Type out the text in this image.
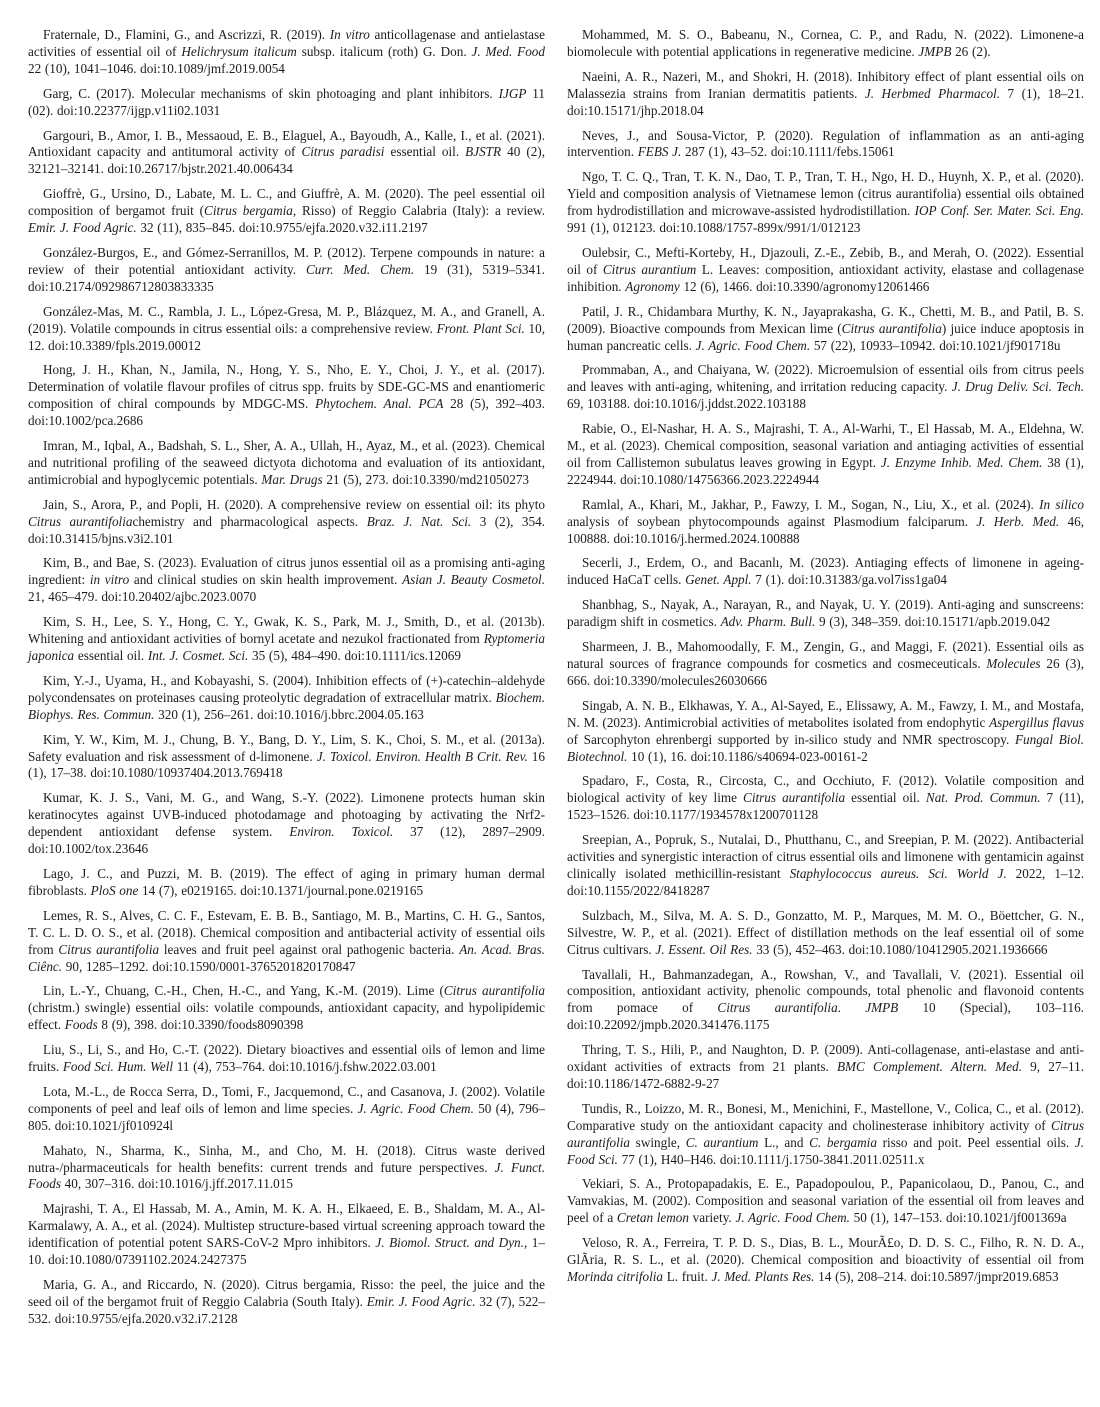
Fraternale, D., Flamini, G., and Ascrizzi, R. (2019). In vitro anticollagenase and antielastase activities of essential oil of Helichrysum italicum subsp. italicum (roth) G. Don. J. Med. Food 22 (10), 1041–1046. doi:10.1089/jmf.2019.0054

Garg, C. (2017). Molecular mechanisms of skin photoaging and plant inhibitors. IJGP 11 (02). doi:10.22377/ijgp.v11i02.1031

Gargouri, B., Amor, I. B., Messaoud, E. B., Elaguel, A., Bayoudh, A., Kalle, I., et al. (2021). Antioxidant capacity and antitumoral activity of Citrus paradisi essential oil. BJSTR 40 (2), 32121–32141. doi:10.26717/bjstr.2021.40.006434

Gioffrè, G., Ursino, D., Labate, M. L. C., and Giuffrè, A. M. (2020). The peel essential oil composition of bergamot fruit (Citrus bergamia, Risso) of Reggio Calabria (Italy): a review. Emir. J. Food Agric. 32 (11), 835–845. doi:10.9755/ejfa.2020.v32.i11.2197

González-Burgos, E., and Gómez-Serranillos, M. P. (2012). Terpene compounds in nature: a review of their potential antioxidant activity. Curr. Med. Chem. 19 (31), 5319–5341. doi:10.2174/092986712803833335

González-Mas, M. C., Rambla, J. L., López-Gresa, M. P., Blázquez, M. A., and Granell, A. (2019). Volatile compounds in citrus essential oils: a comprehensive review. Front. Plant Sci. 10, 12. doi:10.3389/fpls.2019.00012

Hong, J. H., Khan, N., Jamila, N., Hong, Y. S., Nho, E. Y., Choi, J. Y., et al. (2017). Determination of volatile flavour profiles of citrus spp. fruits by SDE-GC-MS and enantiomeric composition of chiral compounds by MDGC-MS. Phytochem. Anal. PCA 28 (5), 392–403. doi:10.1002/pca.2686

Imran, M., Iqbal, A., Badshah, S. L., Sher, A. A., Ullah, H., Ayaz, M., et al. (2023). Chemical and nutritional profiling of the seaweed dictyota dichotoma and evaluation of its antioxidant, antimicrobial and hypoglycemic potentials. Mar. Drugs 21 (5), 273. doi:10.3390/md21050273

Jain, S., Arora, P., and Popli, H. (2020). A comprehensive review on essential oil: its phyto Citrus aurantifoliachemistry and pharmacological aspects. Braz. J. Nat. Sci. 3 (2), 354. doi:10.31415/bjns.v3i2.101

Kim, B., and Bae, S. (2023). Evaluation of citrus junos essential oil as a promising anti-aging ingredient: in vitro and clinical studies on skin health improvement. Asian J. Beauty Cosmetol. 21, 465–479. doi:10.20402/ajbc.2023.0070

Kim, S. H., Lee, S. Y., Hong, C. Y., Gwak, K. S., Park, M. J., Smith, D., et al. (2013b). Whitening and antioxidant activities of bornyl acetate and nezukol fractionated from Ryptomeria japonica essential oil. Int. J. Cosmet. Sci. 35 (5), 484–490. doi:10.1111/ics.12069

Kim, Y.-J., Uyama, H., and Kobayashi, S. (2004). Inhibition effects of (+)-catechin–aldehyde polycondensates on proteinases causing proteolytic degradation of extracellular matrix. Biochem. Biophys. Res. Commun. 320 (1), 256–261. doi:10.1016/j.bbrc.2004.05.163

Kim, Y. W., Kim, M. J., Chung, B. Y., Bang, D. Y., Lim, S. K., Choi, S. M., et al. (2013a). Safety evaluation and risk assessment of d-limonene. J. Toxicol. Environ. Health B Crit. Rev. 16 (1), 17–38. doi:10.1080/10937404.2013.769418

Kumar, K. J. S., Vani, M. G., and Wang, S.-Y. (2022). Limonene protects human skin keratinocytes against UVB-induced photodamage and photoaging by activating the Nrf2-dependent antioxidant defense system. Environ. Toxicol. 37 (12), 2897–2909. doi:10.1002/tox.23646

Lago, J. C., and Puzzi, M. B. (2019). The effect of aging in primary human dermal fibroblasts. PloS one 14 (7), e0219165. doi:10.1371/journal.pone.0219165

Lemes, R. S., Alves, C. C. F., Estevam, E. B. B., Santiago, M. B., Martins, C. H. G., Santos, T. C. L. D. O. S., et al. (2018). Chemical composition and antibacterial activity of essential oils from Citrus aurantifolia leaves and fruit peel against oral pathogenic bacteria. An. Acad. Bras. Ciênc. 90, 1285–1292. doi:10.1590/0001-3765201820170847

Lin, L.-Y., Chuang, C.-H., Chen, H.-C., and Yang, K.-M. (2019). Lime (Citrus aurantifolia (christm.) swingle) essential oils: volatile compounds, antioxidant capacity, and hypolipidemic effect. Foods 8 (9), 398. doi:10.3390/foods8090398

Liu, S., Li, S., and Ho, C.-T. (2022). Dietary bioactives and essential oils of lemon and lime fruits. Food Sci. Hum. Well 11 (4), 753–764. doi:10.1016/j.fshw.2022.03.001

Lota, M.-L., de Rocca Serra, D., Tomi, F., Jacquemond, C., and Casanova, J. (2002). Volatile components of peel and leaf oils of lemon and lime species. J. Agric. Food Chem. 50 (4), 796–805. doi:10.1021/jf010924l

Mahato, N., Sharma, K., Sinha, M., and Cho, M. H. (2018). Citrus waste derived nutra-/pharmaceuticals for health benefits: current trends and future perspectives. J. Funct. Foods 40, 307–316. doi:10.1016/j.jff.2017.11.015

Majrashi, T. A., El Hassab, M. A., Amin, M. K. A. H., Elkaeed, E. B., Shaldam, M. A., Al-Karmalawy, A. A., et al. (2024). Multistep structure-based virtual screening approach toward the identification of potential potent SARS-CoV-2 Mpro inhibitors. J. Biomol. Struct. and Dyn., 1–10. doi:10.1080/07391102.2024.2427375

Maria, G. A., and Riccardo, N. (2020). Citrus bergamia, Risso: the peel, the juice and the seed oil of the bergamot fruit of Reggio Calabria (South Italy). Emir. J. Food Agric. 32 (7), 522–532. doi:10.9755/ejfa.2020.v32.i7.2128

Mohammed, M. S. O., Babeanu, N., Cornea, C. P., and Radu, N. (2022). Limonene-a biomolecule with potential applications in regenerative medicine. JMPB 26 (2).

Naeini, A. R., Nazeri, M., and Shokri, H. (2018). Inhibitory effect of plant essential oils on Malassezia strains from Iranian dermatitis patients. J. Herbmed Pharmacol. 7 (1), 18–21. doi:10.15171/jhp.2018.04

Neves, J., and Sousa-Victor, P. (2020). Regulation of inflammation as an anti-aging intervention. FEBS J. 287 (1), 43–52. doi:10.1111/febs.15061

Ngo, T. C. Q., Tran, T. K. N., Dao, T. P., Tran, T. H., Ngo, H. D., Huynh, X. P., et al. (2020). Yield and composition analysis of Vietnamese lemon (citrus aurantifolia) essential oils obtained from hydrodistillation and microwave-assisted hydrodistillation. IOP Conf. Ser. Mater. Sci. Eng. 991 (1), 012123. doi:10.1088/1757-899x/991/1/012123

Oulebsir, C., Mefti-Korteby, H., Djazouli, Z.-E., Zebib, B., and Merah, O. (2022). Essential oil of Citrus aurantium L. Leaves: composition, antioxidant activity, elastase and collagenase inhibition. Agronomy 12 (6), 1466. doi:10.3390/agronomy12061466

Patil, J. R., Chidambara Murthy, K. N., Jayaprakasha, G. K., Chetti, M. B., and Patil, B. S. (2009). Bioactive compounds from Mexican lime (Citrus aurantifolia) juice induce apoptosis in human pancreatic cells. J. Agric. Food Chem. 57 (22), 10933–10942. doi:10.1021/jf901718u

Prommaban, A., and Chaiyana, W. (2022). Microemulsion of essential oils from citrus peels and leaves with anti-aging, whitening, and irritation reducing capacity. J. Drug Deliv. Sci. Tech. 69, 103188. doi:10.1016/j.jddst.2022.103188

Rabie, O., El-Nashar, H. A. S., Majrashi, T. A., Al-Warhi, T., El Hassab, M. A., Eldehna, W. M., et al. (2023). Chemical composition, seasonal variation and antiaging activities of essential oil from Callistemon subulatus leaves growing in Egypt. J. Enzyme Inhib. Med. Chem. 38 (1), 2224944. doi:10.1080/14756366.2023.2224944

Ramlal, A., Khari, M., Jakhar, P., Fawzy, I. M., Sogan, N., Liu, X., et al. (2024). In silico analysis of soybean phytocompounds against Plasmodium falciparum. J. Herb. Med. 46, 100888. doi:10.1016/j.hermed.2024.100888

Secerli, J., Erdem, O., and Bacanlı, M. (2023). Antiaging effects of limonene in ageing-induced HaCaT cells. Genet. Appl. 7 (1). doi:10.31383/ga.vol7iss1ga04

Shanbhag, S., Nayak, A., Narayan, R., and Nayak, U. Y. (2019). Anti-aging and sunscreens: paradigm shift in cosmetics. Adv. Pharm. Bull. 9 (3), 348–359. doi:10.15171/apb.2019.042

Sharmeen, J. B., Mahomoodally, F. M., Zengin, G., and Maggi, F. (2021). Essential oils as natural sources of fragrance compounds for cosmetics and cosmeceuticals. Molecules 26 (3), 666. doi:10.3390/molecules26030666

Singab, A. N. B., Elkhawas, Y. A., Al-Sayed, E., Elissawy, A. M., Fawzy, I. M., and Mostafa, N. M. (2023). Antimicrobial activities of metabolites isolated from endophytic Aspergillus flavus of Sarcophyton ehrenbergi supported by in-silico study and NMR spectroscopy. Fungal Biol. Biotechnol. 10 (1), 16. doi:10.1186/s40694-023-00161-2

Spadaro, F., Costa, R., Circosta, C., and Occhiuto, F. (2012). Volatile composition and biological activity of key lime Citrus aurantifolia essential oil. Nat. Prod. Commun. 7 (11), 1523–1526. doi:10.1177/1934578x1200701128

Sreepian, A., Popruk, S., Nutalai, D., Phutthanu, C., and Sreepian, P. M. (2022). Antibacterial activities and synergistic interaction of citrus essential oils and limonene with gentamicin against clinically isolated methicillin-resistant Staphylococcus aureus. Sci. World J. 2022, 1–12. doi:10.1155/2022/8418287

Sulzbach, M., Silva, M. A. S. D., Gonzatto, M. P., Marques, M. M. O., Böettcher, G. N., Silvestre, W. P., et al. (2021). Effect of distillation methods on the leaf essential oil of some Citrus cultivars. J. Essent. Oil Res. 33 (5), 452–463. doi:10.1080/10412905.2021.1936666

Tavallali, H., Bahmanzadegan, A., Rowshan, V., and Tavallali, V. (2021). Essential oil composition, antioxidant activity, phenolic compounds, total phenolic and flavonoid contents from pomace of Citrus aurantifolia. JMPB 10 (Special), 103–116. doi:10.22092/jmpb.2020.341476.1175

Thring, T. S., Hili, P., and Naughton, D. P. (2009). Anti-collagenase, anti-elastase and anti-oxidant activities of extracts from 21 plants. BMC Complement. Altern. Med. 9, 27–11. doi:10.1186/1472-6882-9-27

Tundis, R., Loizzo, M. R., Bonesi, M., Menichini, F., Mastellone, V., Colica, C., et al. (2012). Comparative study on the antioxidant capacity and cholinesterase inhibitory activity of Citrus aurantifolia swingle, C. aurantium L., and C. bergamia risso and poit. Peel essential oils. J. Food Sci. 77 (1), H40–H46. doi:10.1111/j.1750-3841.2011.02511.x

Vekiari, S. A., Protopapadakis, E. E., Papadopoulou, P., Papanicolaou, D., Panou, C., and Vamvakias, M. (2002). Composition and seasonal variation of the essential oil from leaves and peel of a Cretan lemon variety. J. Agric. Food Chem. 50 (1), 147–153. doi:10.1021/jf001369a

Veloso, R. A., Ferreira, T. P. D. S., Dias, B. L., MourÃ£o, D. D. S. C., Filho, R. N. D. A., GlÃria, R. S. L., et al. (2020). Chemical composition and bioactivity of essential oil from Morinda citrifolia L. fruit. J. Med. Plants Res. 14 (5), 208–214. doi:10.5897/jmpr2019.6853
